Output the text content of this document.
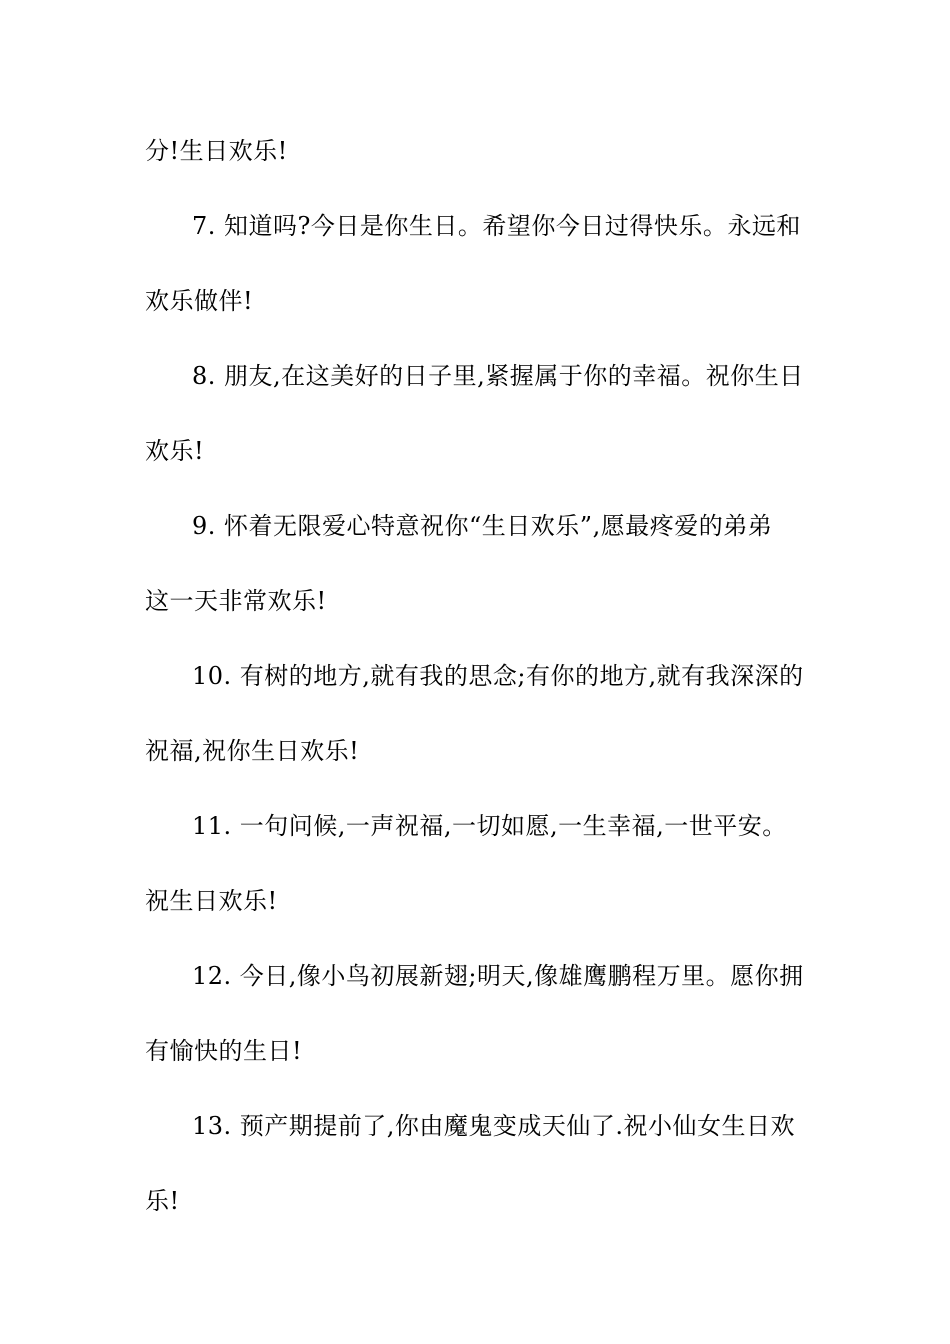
分!生日欢乐!
7. 知道吗?今日是你生日。希望你今日过得快乐。永远和
欢乐做伴!
8. 朋友,在这美好的日子里,紧握属于你的幸福。祝你生日
欢乐!
9. 怀着无限爱心特意祝你“生日欢乐”,愿最疼爱的弟弟
这一天非常欢乐!
10. 有树的地方,就有我的思念;有你的地方,就有我深深的
祝福,祝你生日欢乐!
11. 一句问候,一声祝福,一切如愿,一生幸福,一世平安。
祝生日欢乐!
12. 今日,像小鸟初展新翅;明天,像雄鹰鹏程万里。愿你拥
有愉快的生日!
13. 预产期提前了,你由魔鬼变成天仙了.祝小仙女生日欢
乐!
